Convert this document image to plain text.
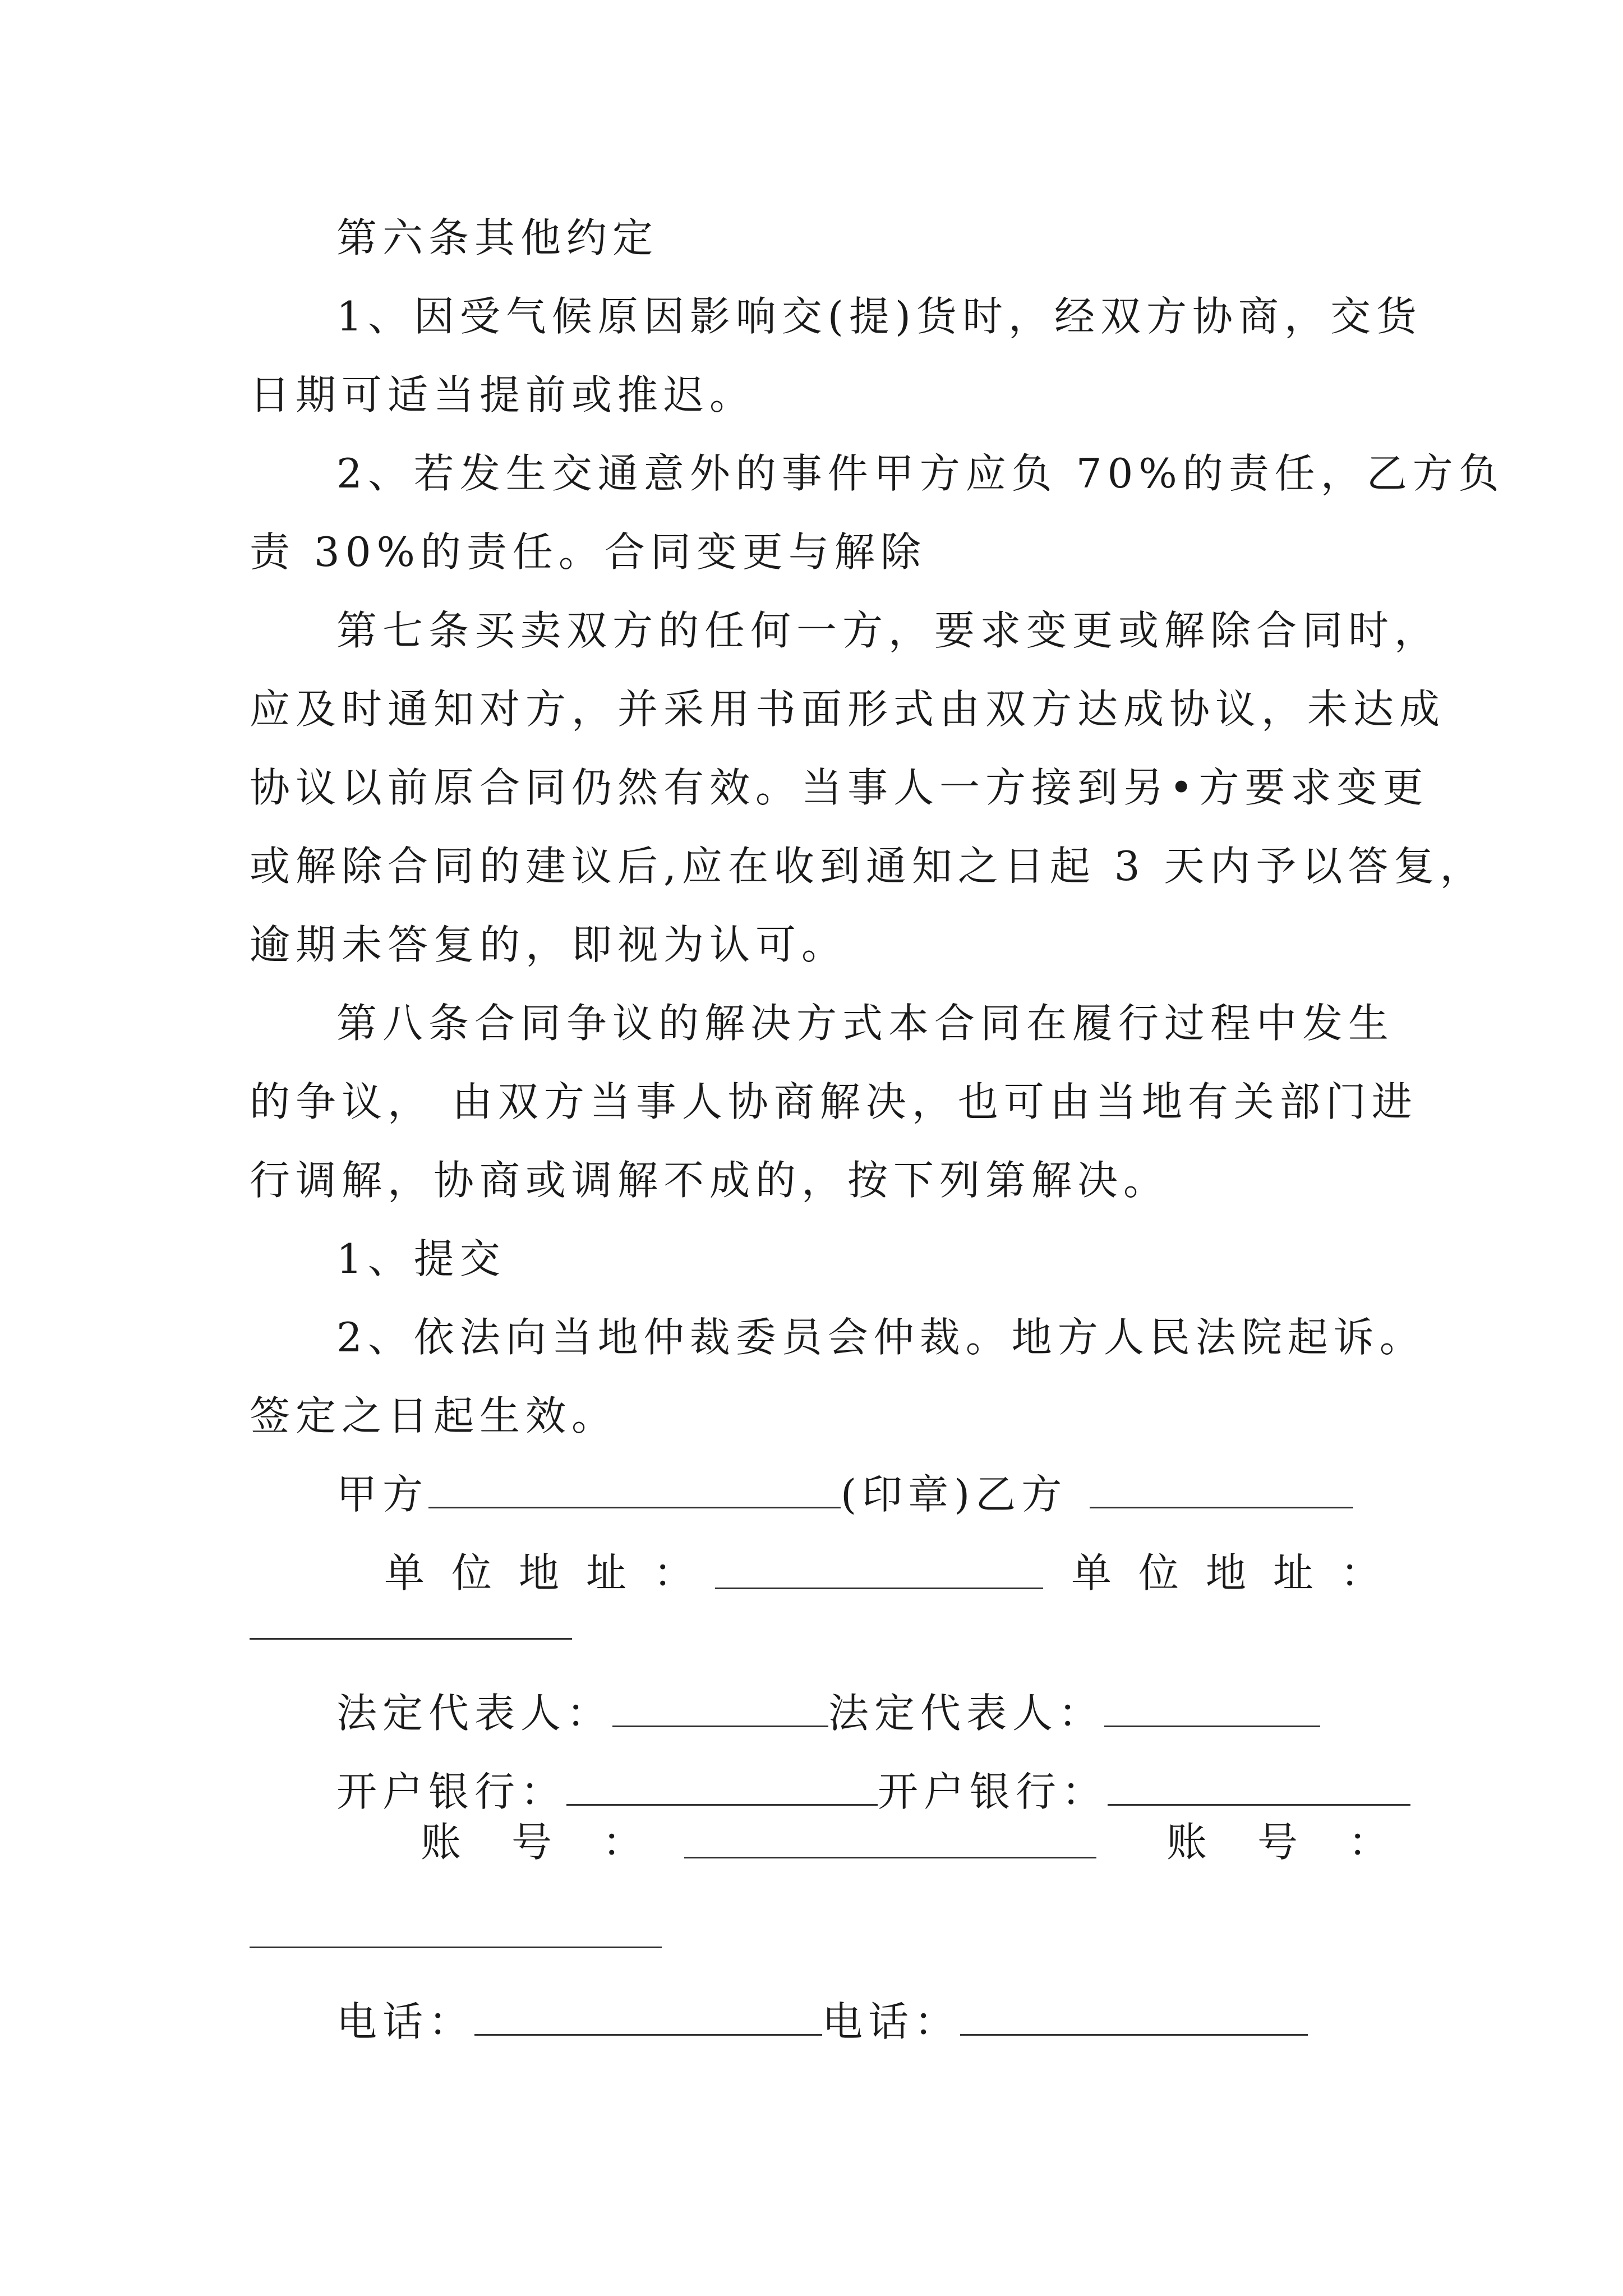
第六条其他约定
1、因受气候原因影响交(提)货时，经双方协商，交货
日期可适当提前或推迟。
2、若发生交通意外的事件甲方应负 70%的责任，乙方负
责 30%的责任。合同变更与解除
第七条买卖双方的任何一方，要求变更或解除合同时，
应及时通知对方，并采用书面形式由双方达成协议，未达成
协议以前原合同仍然有效。当事人一方接到另•方要求变更
或解除合同的建议后,应在收到通知之日起 3 天内予以答复，
逾期未答复的，即视为认可。
第八条合同争议的解决方式本合同在履行过程中发生
的争议， 由双方当事人协商解决，也可由当地有关部门进
行调解，协商或调解不成的，按下列第解决。
1、提交
2、依法向当地仲裁委员会仲裁。地方人民法院起诉。
签定之日起生效。
甲方	(印章)乙方
单位地址：	单位地址：
法定代表人：	法定代表人：
开户银行：	开户银行：
账号：	账号：
电话：	电话：
